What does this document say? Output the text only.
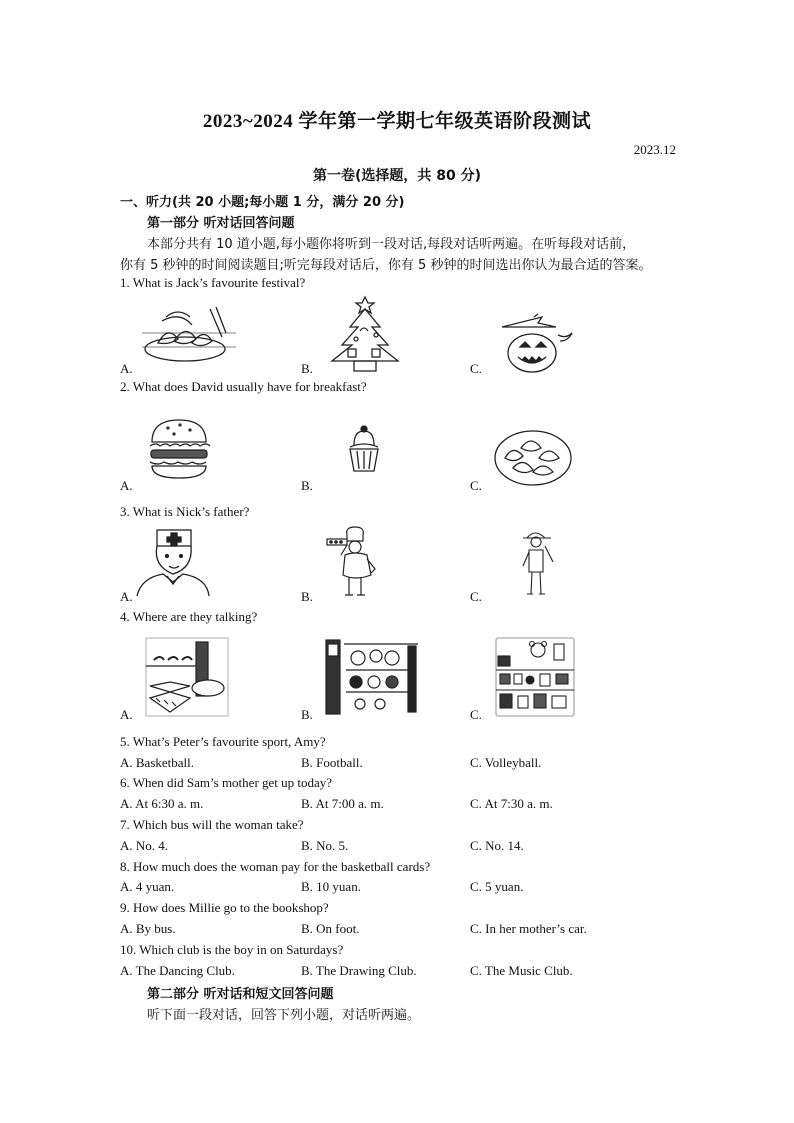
2023~2024 学年第一学期七年级英语阶段测试
2023.12
第一卷(选择题，共 80 分)
一、听力(共 20 小题;每小题 1 分，满分 20 分)
第一部分 听对话回答问题
本部分共有 10 道小题,每小题你将听到一段对话,每段对话听两遍。在听每段对话前，
你有 5 秒钟的时间阅读题目;听完每段对话后，你有 5 秒钟的时间选出你认为最合适的答案。
1. What is Jack’s favourite festival?
A.	B.	C.
2. What does David usually have for breakfast?
A.	B.	C.
3. What is Nick’s father?
A.	B.	C.
4. Where are they talking?
A.	B.	C.
5. What’s Peter’s favourite sport, Amy?
A. Basketball.	B. Football.	C. Volleyball.
6. When did Sam’s mother get up today?
A. At 6:30 a. m.	B. At 7:00 a. m.	C. At 7:30 a. m.
7. Which bus will the woman take?
A. No. 4.	B. No. 5.	C. No. 14.
8. How much does the woman pay for the basketball cards?
A. 4 yuan.	B. 10 yuan.	C. 5 yuan.
9. How does Millie go to the bookshop?
A. By bus.	B. On foot.	C. In her mother’s car.
10. Which club is the boy in on Saturdays?
A. The Dancing Club.	B. The Drawing Club.	C. The Music Club.
第二部分 听对话和短文回答问题
听下面一段对话，回答下列小题，对话听两遍。
